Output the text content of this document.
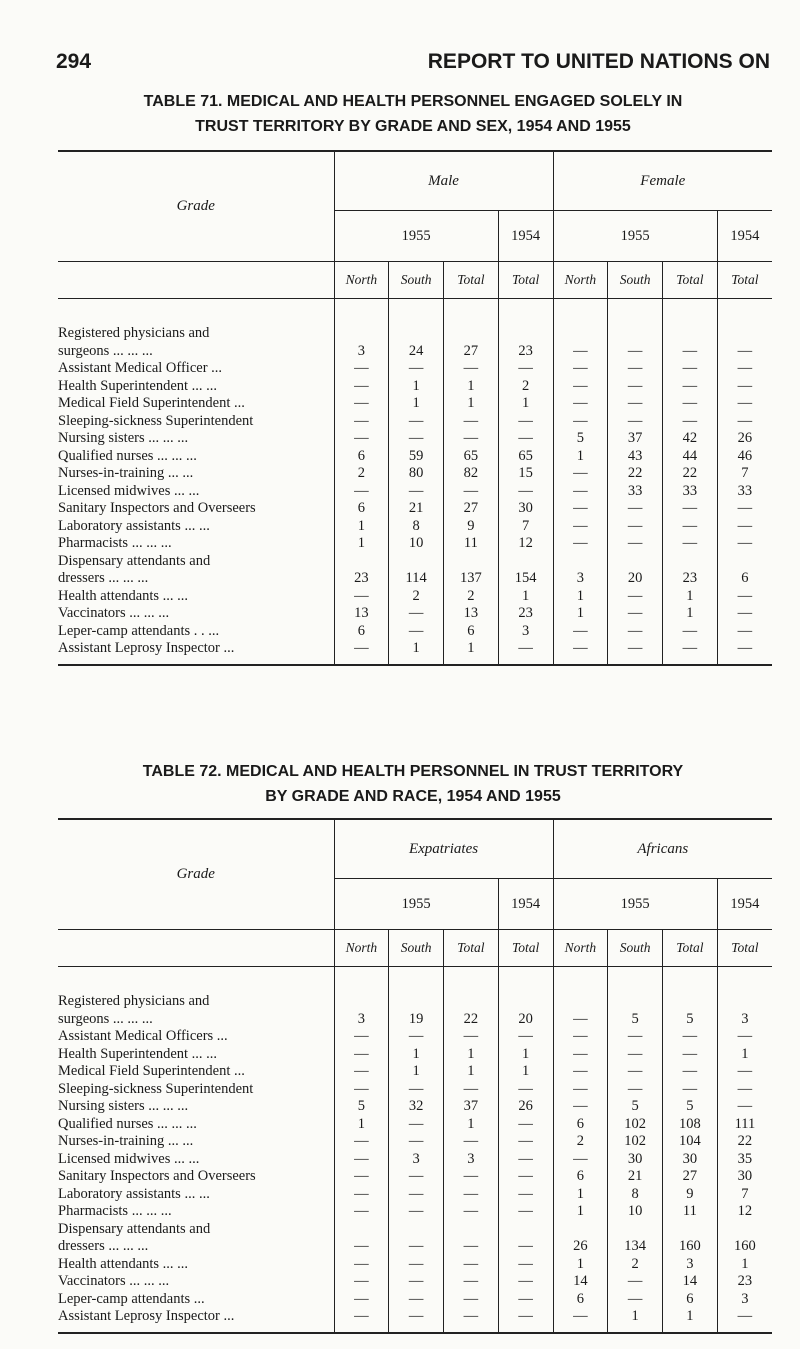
294	REPORT TO UNITED NATIONS ON
TABLE 71. MEDICAL AND HEALTH PERSONNEL ENGAGED SOLELY IN
TRUST TERRITORY BY GRADE AND SEX, 1954 AND 1955
Grade	Male				Female			
	1955			1954	1955			1954
	North	South	Total	Total	North	South	Total	Total

Registered physicians and								
surgeons ... ... ...	3	24	27	23	—	—	—	—
Assistant Medical Officer ...	—	—	—	—	—	—	—	—
Health Superintendent ... ...	—	1	1	2	—	—	—	—
Medical Field Superintendent ...	—	1	1	1	—	—	—	—
Sleeping-sickness Superintendent	—	—	—	—	—	—	—	—
Nursing sisters ... ... ...	—	—	—	—	5	37	42	26
Qualified nurses ... ... ...	6	59	65	65	1	43	44	46
Nurses-in-training ... ...	2	80	82	15	—	22	22	7
Licensed midwives ... ...	—	—	—	—	—	33	33	33
Sanitary Inspectors and Overseers	6	21	27	30	—	—	—	—
Laboratory assistants ... ...	1	8	9	7	—	—	—	—
Pharmacists ... ... ...	1	10	11	12	—	—	—	—
Dispensary attendants and								
dressers ... ... ...	23	114	137	154	3	20	23	6
Health attendants ... ...	—	2	2	1	1	—	1	—
Vaccinators ... ... ...	13	—	13	23	1	—	1	—
Leper-camp attendants . . ...	6	—	6	3	—	—	—	—
Assistant Leprosy Inspector ...	—	1	1	—	—	—	—	—
TABLE 72. MEDICAL AND HEALTH PERSONNEL IN TRUST TERRITORY
BY GRADE AND RACE, 1954 AND 1955
Grade	Expatriates				Africans			
	1955			1954	1955			1954
	North	South	Total	Total	North	South	Total	Total

Registered physicians and								
surgeons ... ... ...	3	19	22	20	—	5	5	3
Assistant Medical Officers ...	—	—	—	—	—	—	—	—
Health Superintendent ... ...	—	1	1	1	—	—	—	1
Medical Field Superintendent ...	—	1	1	1	—	—	—	—
Sleeping-sickness Superintendent	—	—	—	—	—	—	—	—
Nursing sisters ... ... ...	5	32	37	26	—	5	5	—
Qualified nurses ... ... ...	1	—	1	—	6	102	108	111
Nurses-in-training ... ...	—	—	—	—	2	102	104	22
Licensed midwives ... ...	—	3	3	—	—	30	30	35
Sanitary Inspectors and Overseers	—	—	—	—	6	21	27	30
Laboratory assistants ... ...	—	—	—	—	1	8	9	7
Pharmacists ... ... ...	—	—	—	—	1	10	11	12
Dispensary attendants and								
dressers ... ... ...	—	—	—	—	26	134	160	160
Health attendants ... ...	—	—	—	—	1	2	3	1
Vaccinators ... ... ...	—	—	—	—	14	—	14	23
Leper-camp attendants ...	—	—	—	—	6	—	6	3
Assistant Leprosy Inspector ...	—	—	—	—	—	1	1	—
